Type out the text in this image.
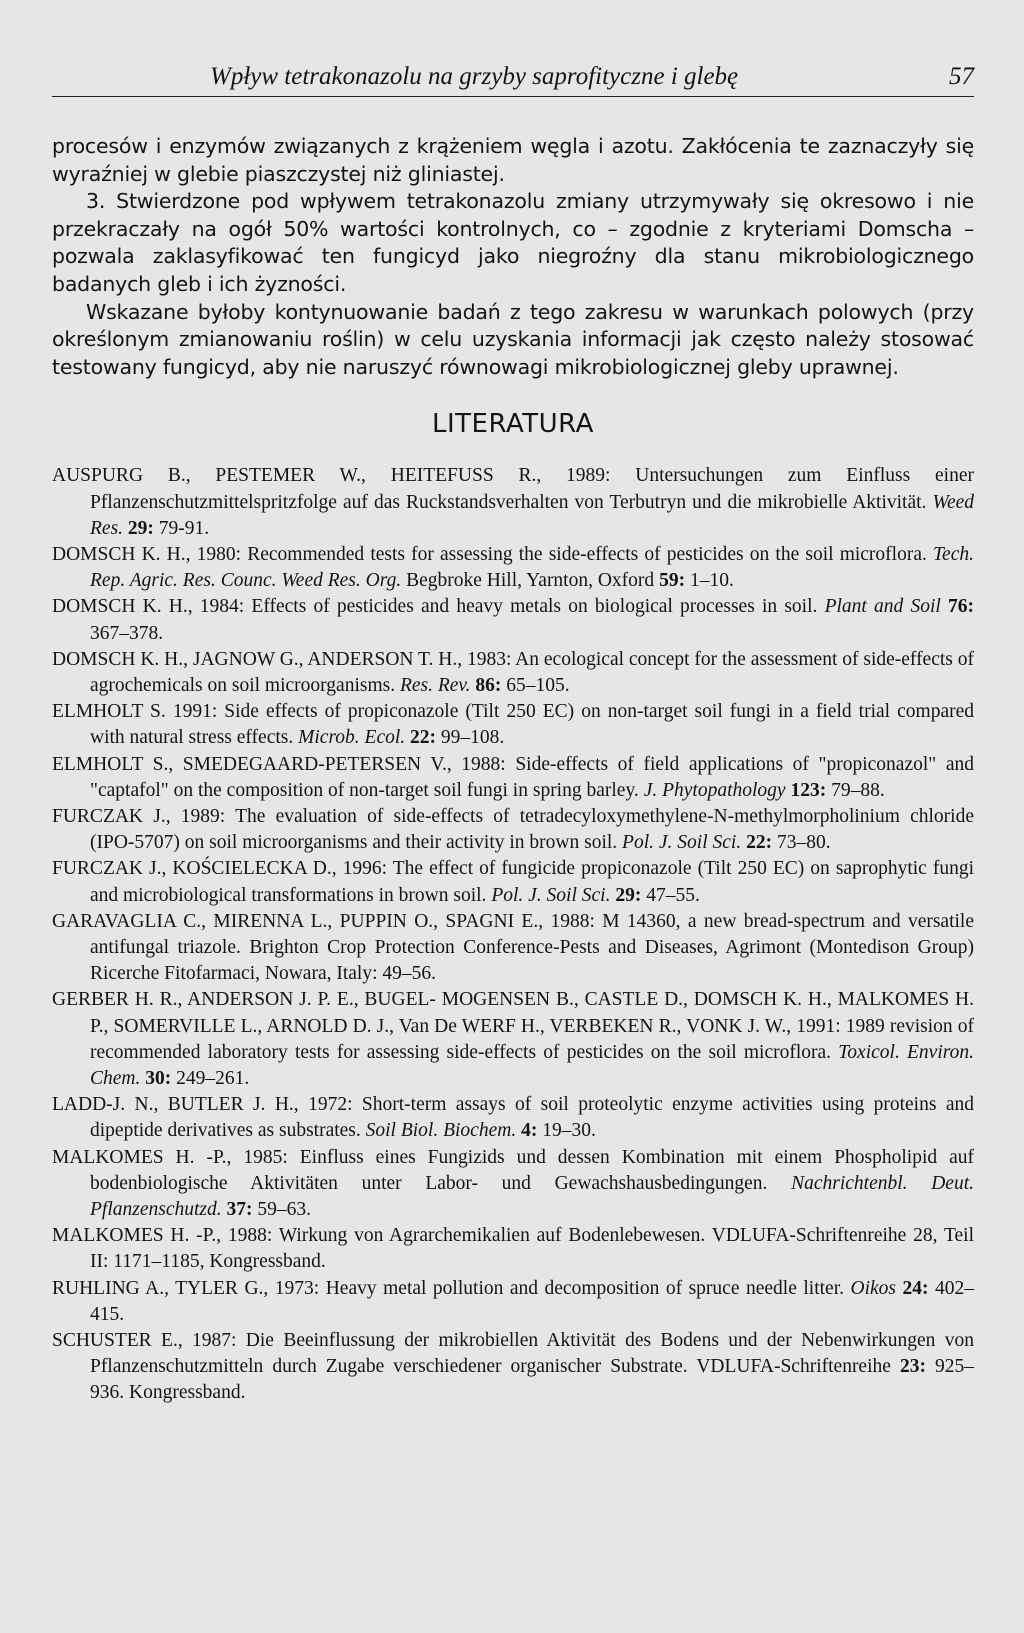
Wpływ tetrakonazolu na grzyby saprofityczne i glebę	57

procesów i enzymów związanych z krążeniem węgla i azotu. Zakłócenia te zaznaczyły się wyraźniej w glebie piaszczystej niż gliniastej.

3. Stwierdzone pod wpływem tetrakonazolu zmiany utrzymywały się okresowo i nie przekraczały na ogół 50% wartości kontrolnych, co – zgodnie z kryteriami Domscha – pozwala zaklasyfikować ten fungicyd jako niegroźny dla stanu mikrobiologicznego badanych gleb i ich żyzności.

Wskazane byłoby kontynuowanie badań z tego zakresu w warunkach polowych (przy określonym zmianowaniu roślin) w celu uzyskania informacji jak często należy stosować testowany fungicyd, aby nie naruszyć równowagi mikrobiologicznej gleby uprawnej.

LITERATURA
AUSPURG B., PESTEMER W., HEITEFUSS R., 1989: Untersuchungen zum Einfluss einer Pflanzenschutzmittelspritzfolge auf das Ruckstandsverhalten von Terbutryn und die mikrobielle Aktivität. Weed Res. 29: 79-91.
DOMSCH K. H., 1980: Recommended tests for assessing the side-effects of pesticides on the soil microflora. Tech. Rep. Agric. Res. Counc. Weed Res. Org. Begbroke Hill, Yarnton, Oxford 59: 1–10.
DOMSCH K. H., 1984: Effects of pesticides and heavy metals on biological processes in soil. Plant and Soil 76: 367–378.
DOMSCH K. H., JAGNOW G., ANDERSON T. H., 1983: An ecological concept for the assessment of side-effects of agrochemicals on soil microorganisms. Res. Rev. 86: 65–105.
ELMHOLT S. 1991: Side effects of propiconazole (Tilt 250 EC) on non-target soil fungi in a field trial compared with natural stress effects. Microb. Ecol. 22: 99–108.
ELMHOLT S., SMEDEGAARD-PETERSEN V., 1988: Side-effects of field applications of "propiconazol" and "captafol" on the composition of non-target soil fungi in spring barley. J. Phytopathology 123: 79–88.
FURCZAK J., 1989: The evaluation of side-effects of tetradecyloxymethylene-N-methylmorpholinium chloride (IPO-5707) on soil microorganisms and their activity in brown soil. Pol. J. Soil Sci. 22: 73–80.
FURCZAK J., KOŚCIELECKA D., 1996: The effect of fungicide propiconazole (Tilt 250 EC) on saprophytic fungi and microbiological transformations in brown soil. Pol. J. Soil Sci. 29: 47–55.
GARAVAGLIA C., MIRENNA L., PUPPIN O., SPAGNI E., 1988: M 14360, a new bread-spectrum and versatile antifungal triazole. Brighton Crop Protection Conference-Pests and Diseases, Agrimont (Montedison Group) Ricerche Fitofarmaci, Nowara, Italy: 49–56.
GERBER H. R., ANDERSON J. P. E., BUGEL- MOGENSEN B., CASTLE D., DOMSCH K. H., MALKOMES H. P., SOMERVILLE L., ARNOLD D. J., Van De WERF H., VERBEKEN R., VONK J. W., 1991: 1989 revision of recommended laboratory tests for assessing side-effects of pesticides on the soil microflora. Toxicol. Environ. Chem. 30: 249–261.
LADD-J. N., BUTLER J. H., 1972: Short-term assays of soil proteolytic enzyme activities using proteins and dipeptide derivatives as substrates. Soil Biol. Biochem. 4: 19–30.
MALKOMES H. -P., 1985: Einfluss eines Fungizids und dessen Kombination mit einem Phospholipid auf bodenbiologische Aktivitäten unter Labor- und Gewachshausbedingungen. Nachrichtenbl. Deut. Pflanzenschutzd. 37: 59–63.
MALKOMES H. -P., 1988: Wirkung von Agrarchemikalien auf Bodenlebewesen. VDLUFA-Schriftenreihe 28, Teil II: 1171–1185, Kongressband.
RUHLING A., TYLER G., 1973: Heavy metal pollution and decomposition of spruce needle litter. Oikos 24: 402–415.
SCHUSTER E., 1987: Die Beeinflussung der mikrobiellen Aktivität des Bodens und der Nebenwirkungen von Pflanzenschutzmitteln durch Zugabe verschiedener organischer Substrate. VDLUFA-Schriftenreihe 23: 925–936. Kongressband.
